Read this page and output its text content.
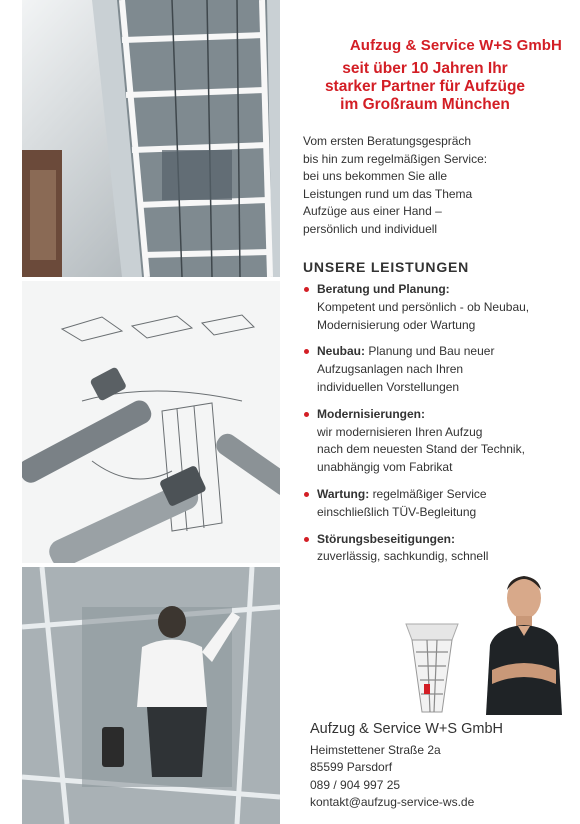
Aufzug & Service W+S GmbH
seit über 10 Jahren Ihr
starker Partner für Aufzüge
im Großraum München
Vom ersten Beratungsgespräch
bis hin zum regelmäßigen Service:
bei uns bekommen Sie alle
Leistungen rund um das Thema
Aufzüge aus einer Hand –
persönlich und individuell
UNSERE LEISTUNGEN
Beratung und Planung:
Kompetent und persönlich - ob Neubau,
Modernisierung oder Wartung
Neubau: Planung und Bau neuer
Aufzugsanlagen nach Ihren
individuellen Vorstellungen
Modernisierungen:
wir modernisieren Ihren Aufzug
nach dem neuesten Stand der Technik,
unabhängig vom Fabrikat
Wartung: regelmäßiger Service
einschließlich TÜV-Begleitung
Störungsbeseitigungen:
zuverlässig, sachkundig, schnell
Aufzug & Service W+S GmbH
Heimstettener Straße 2a
85599 Parsdorf
089 / 904 997 25
kontakt@aufzug-service-ws.de
